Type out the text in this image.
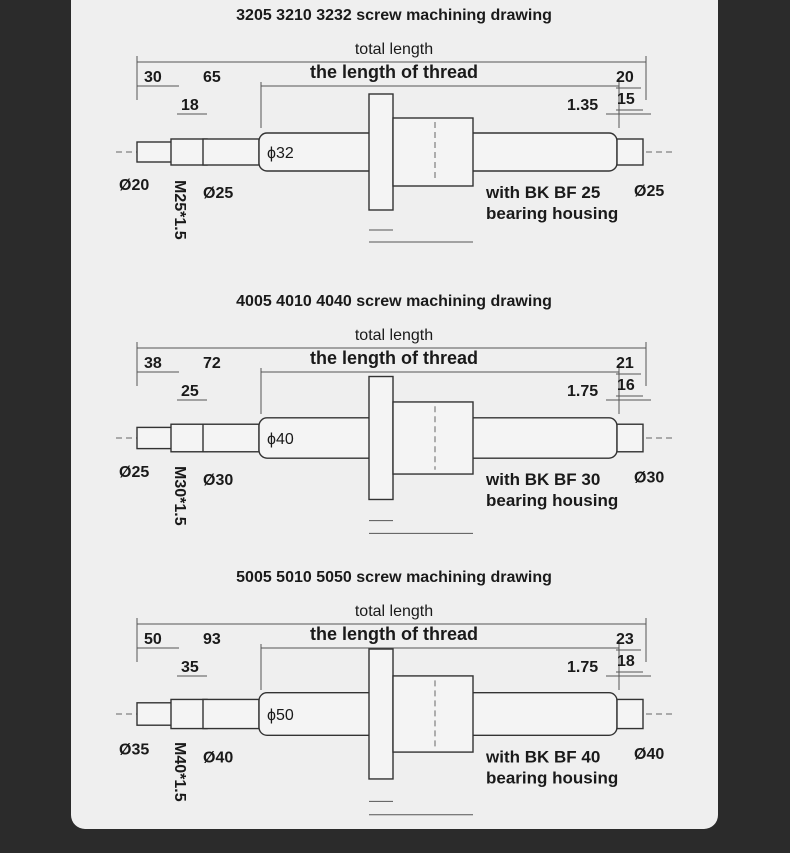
3205 3210 3232 screw machining drawing
total length
the length of thread
30	65
18
20
15
1.35
Ø20	Ø25
ϕ32
Ø25
M25*1.5	with BK BF 25
bearing housing
4005 4010 4040 screw machining drawing
total length
the length of thread
38	72
25
21
16
1.75
Ø25	Ø30
ϕ40
Ø30
M30*1.5	with BK BF 30
bearing housing
5005 5010 5050 screw machining drawing
total length
the length of thread
50	93
35
23
18
1.75
Ø35	Ø40
ϕ50
Ø40
M40*1.5	with BK BF 40
bearing housing
